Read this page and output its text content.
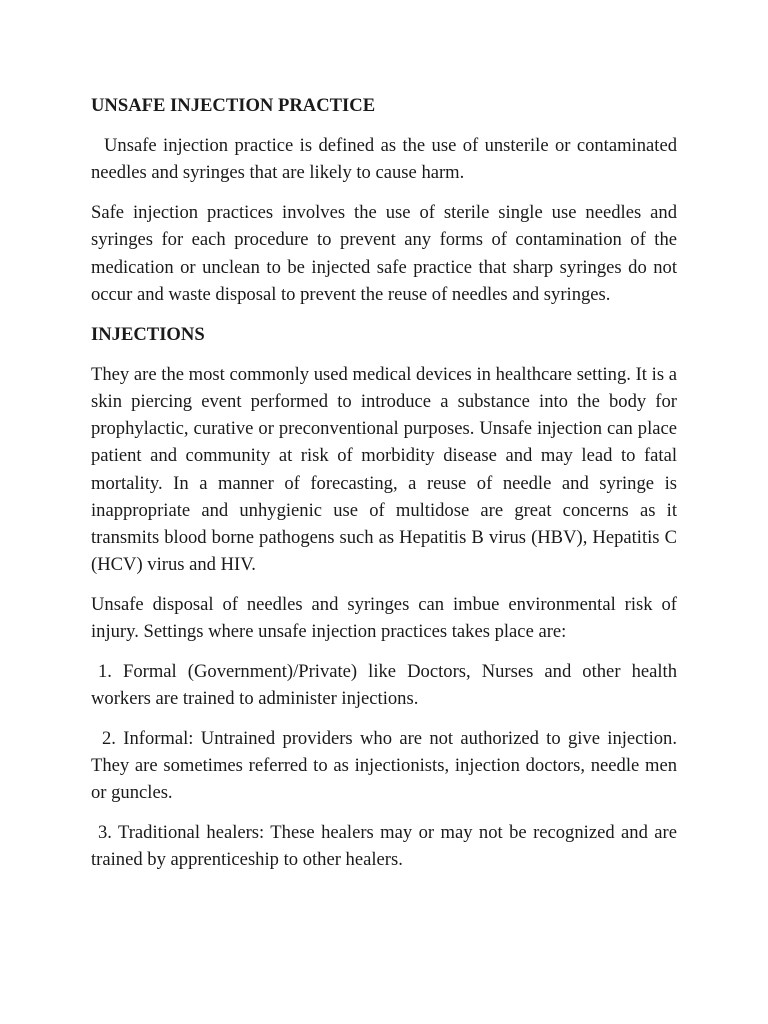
UNSAFE INJECTION PRACTICE

Unsafe injection practice is defined as the use of unsterile or contaminated needles and syringes that are likely to cause harm.

Safe injection practices involves the use of sterile single use needles and syringes for each procedure to prevent any forms of contamination of the medication or unclean to be injected safe practice that sharp syringes do not occur and waste disposal to prevent the reuse of needles and syringes.

INJECTIONS

They are the most commonly used medical devices in healthcare setting. It is a skin piercing event performed to introduce a substance into the body for prophylactic, curative or preconventional purposes. Unsafe injection can place patient and community at risk of morbidity disease and may lead to fatal mortality. In a manner of forecasting, a reuse of needle and syringe is inappropriate and unhygienic use of multidose are great concerns as it transmits blood borne pathogens such as Hepatitis B virus (HBV), Hepatitis C (HCV) virus and HIV.

Unsafe disposal of needles and syringes can imbue environmental risk of injury. Settings where unsafe injection practices takes place are:

1. Formal (Government)/Private) like Doctors, Nurses and other health workers are trained to administer injections.

2. Informal: Untrained providers who are not authorized to give injection. They are sometimes referred to as injectionists, injection doctors, needle men or guncles.

3. Traditional healers: These healers may or may not be recognized and are trained by apprenticeship to other healers.
